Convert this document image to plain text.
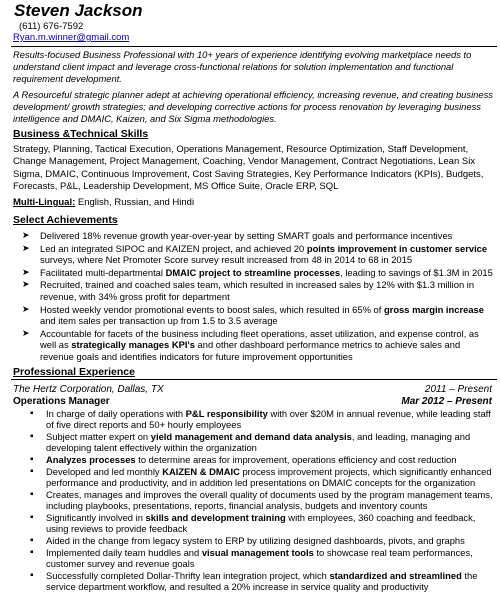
Steven Jackson
(611) 676-7592
Ryan.m.winner@gmail.com
Results-focused Business Professional with 10+ years of experience identifying evolving marketplace needs to understand client impact and leverage cross-functional relations for solution implementation and functional requirement development.
A Resourceful strategic planner adept at achieving operational efficiency, increasing revenue, and creating business development/ growth strategies; and developing corrective actions for process renovation by leveraging business intelligence and DMAIC, Kaizen, and Six Sigma methodologies.
Business &Technical Skills
Strategy, Planning, Tactical Execution, Operations Management, Resource Optimization, Staff Development, Change Management, Project Management, Coaching, Vendor Management, Contract Negotiations, Lean Six Sigma, DMAIC, Continuous Improvement, Cost Saving Strategies, Key Performance Indicators (KPIs), Budgets, Forecasts, P&L, Leadership Development, MS Office Suite, Oracle ERP, SQL
Multi-Lingual: English, Russian, and Hindi
Select Achievements
➤ Delivered 18% revenue growth year-over-year by setting SMART goals and performance incentives
➤ Led an integrated SIPOC and KAIZEN project, and achieved 20 points improvement in customer service surveys, where Net Promoter Score survey result increased from 48 in 2014 to 68 in 2015
➤ Facilitated multi-departmental DMAIC project to streamline processes, leading to savings of $1.3M in 2015
➤ Recruited, trained and coached sales team, which resulted in increased sales by 12% with $1.3 million in revenue, with 34% gross profit for department
➤ Hosted weekly vendor promotional events to boost sales, which resulted in 65% of gross margin increase and item sales per transaction up from 1.5 to 3.5 average
➤ Accountable for facets of the business including fleet operations, asset utilization, and expense control, as well as strategically manages KPI's and other dashboard performance metrics to achieve sales and revenue goals and identifies indicators for future improvement opportunities
Professional Experience
The Hertz Corporation, Dallas, TX	2011 – Present
Operations Manager	Mar 2012 – Present
▪ In charge of daily operations with P&L responsibility with over $20M in annual revenue, while leading staff of five direct reports and 50+ hourly employees
▪ Subject matter expert on yield management and demand data analysis, and leading, managing and developing talent effectively within the organization
▪ Analyzes processes to determine areas for improvement, operations efficiency and cost reduction
▪ Developed and led monthly KAIZEN & DMAIC process improvement projects, which significantly enhanced performance and productivity, and in addition led presentations on DMAIC concepts for the organization
▪ Creates, manages and improves the overall quality of documents used by the program management teams, including playbooks, presentations, reports, financial analysis, budgets and inventory counts
▪ Significantly involved in skills and development training with employees, 360 coaching and feedback, using reviews to provide feedback
▪ Aided in the change from legacy system to ERP by utilizing designed dashboards, pivots, and graphs
▪ Implemented daily team huddles and visual management tools to showcase real team performances, customer survey and revenue goals
▪ Successfully completed Dollar-Thrifty lean integration project, which standardized and streamlined the service department workflow, and resulted a 20% increase in service quality and productivity
